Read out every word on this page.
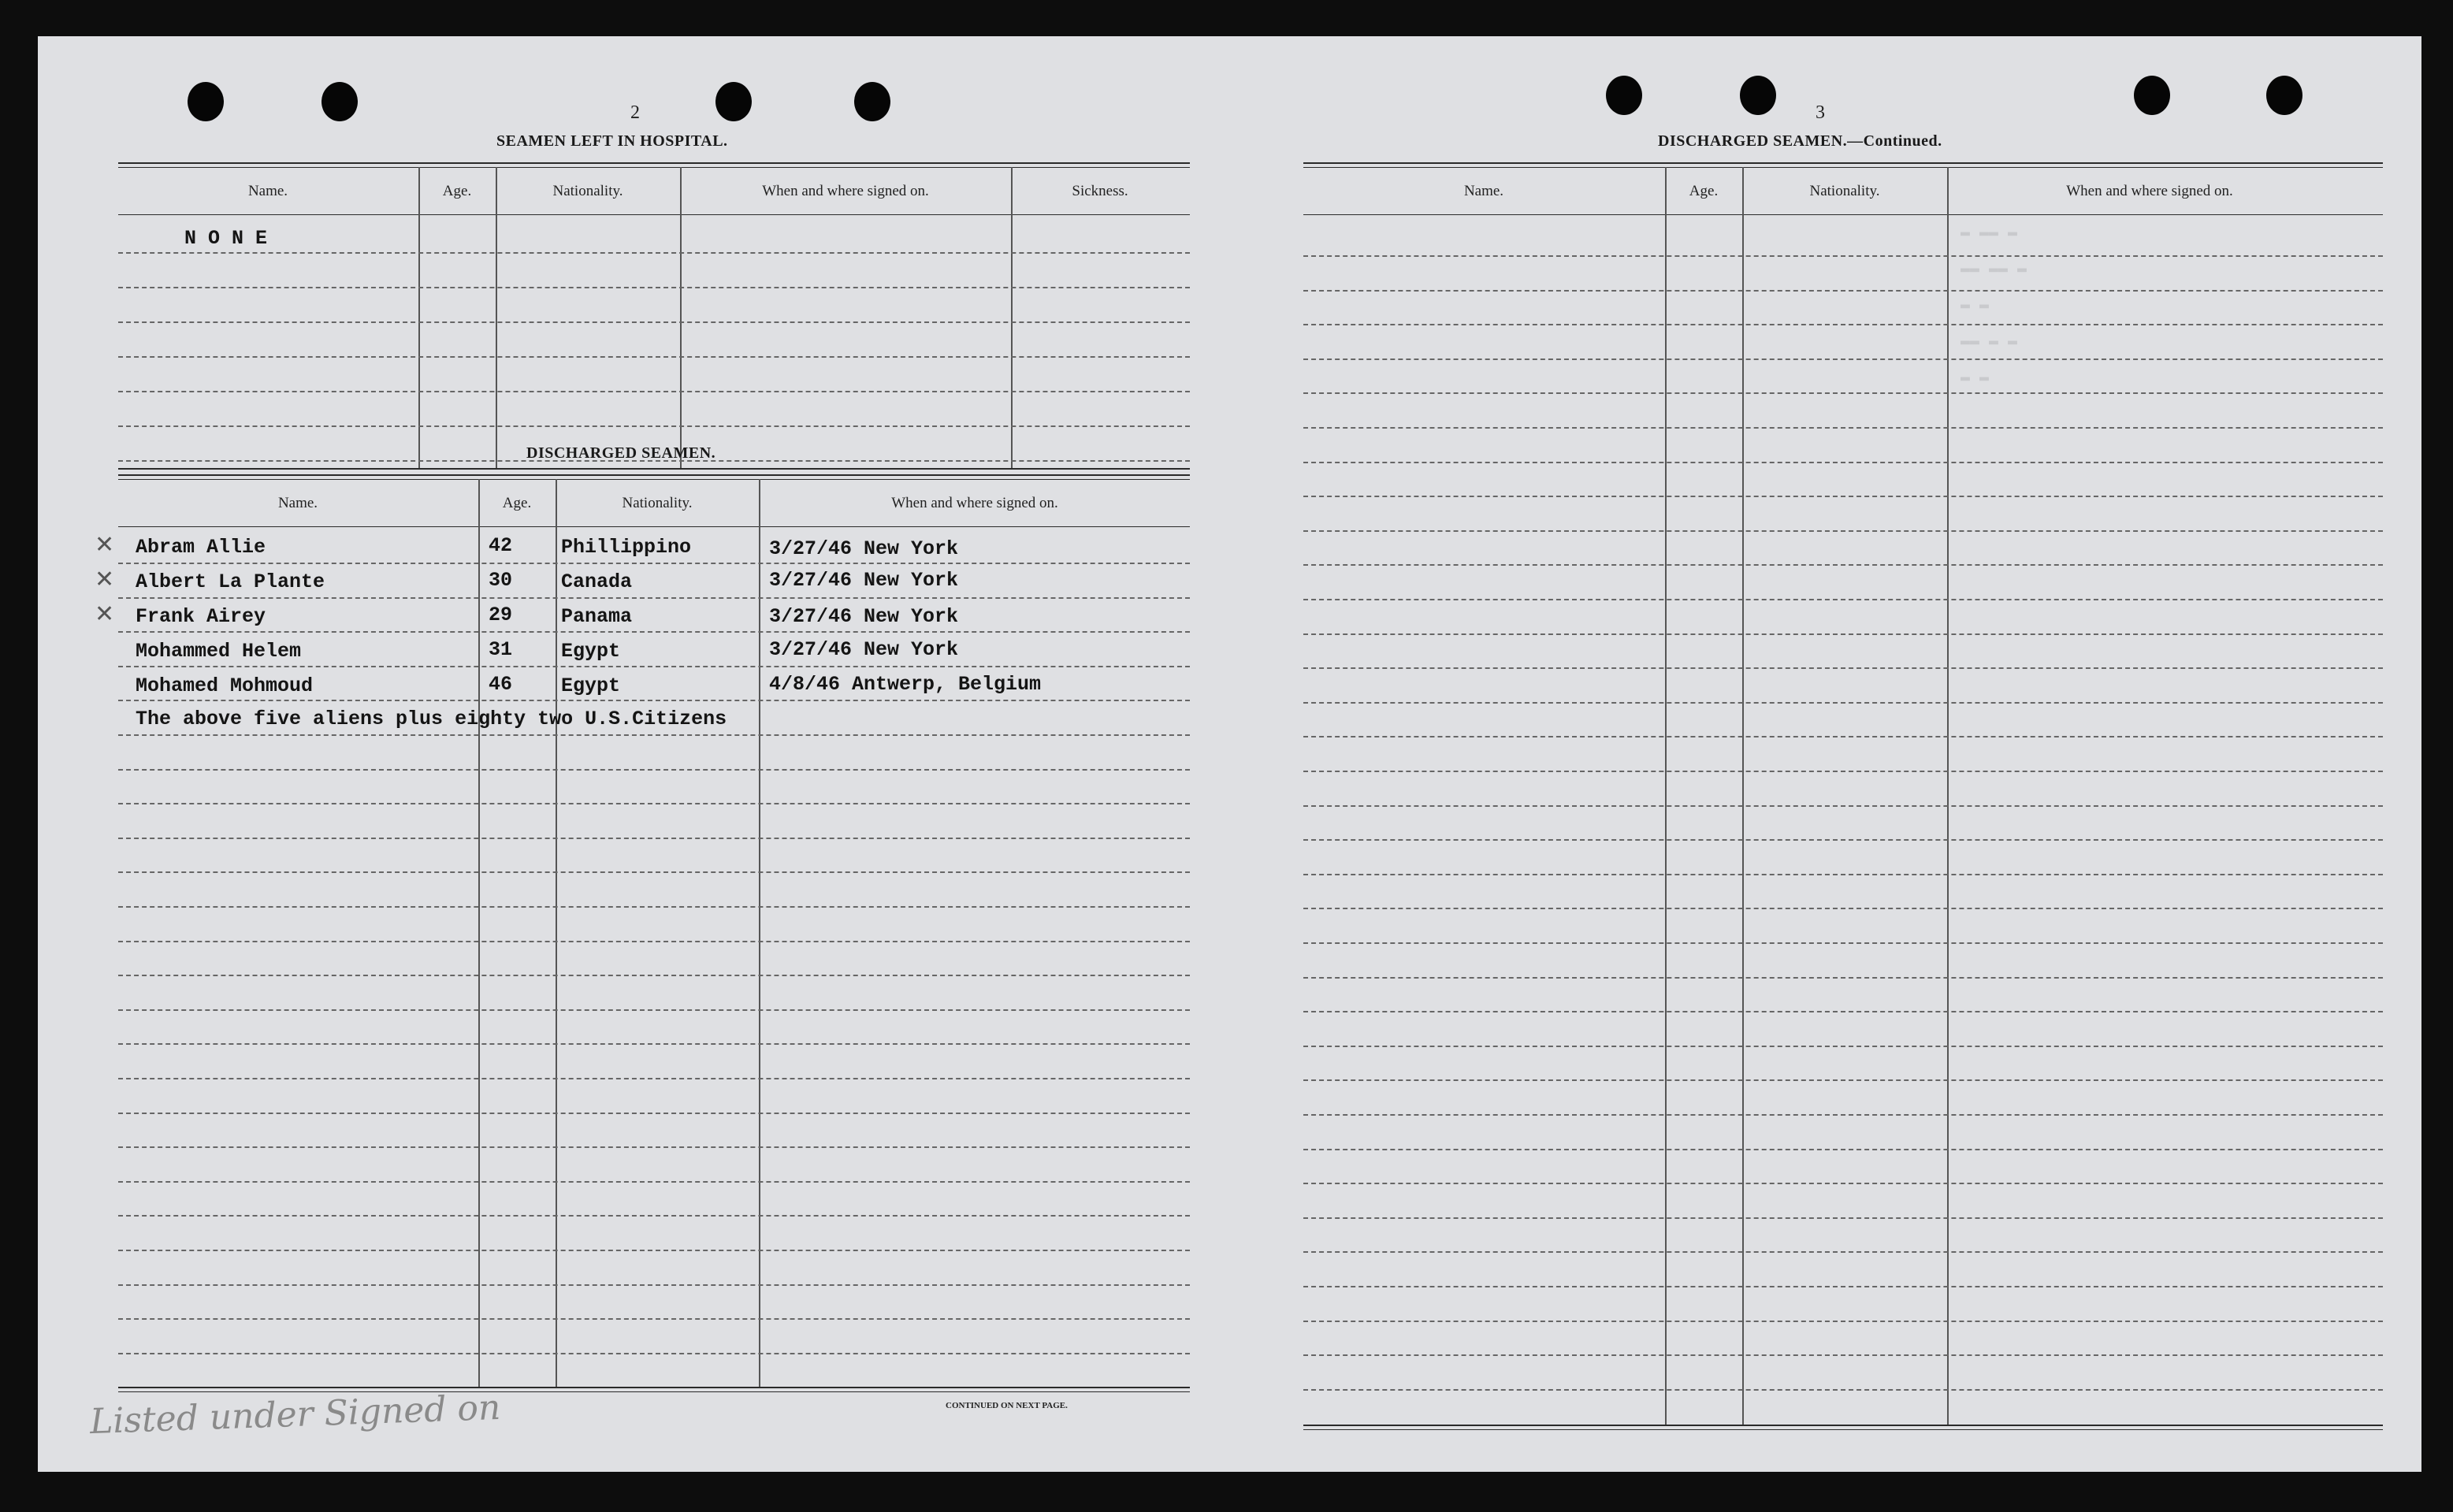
2
SEAMEN LEFT IN HOSPITAL.
Name.	Age.	Nationality.	When and where signed on.	Sickness.
N O N E
DISCHARGED SEAMEN.
Name.	Age.	Nationality.	When and where signed on.
✕ Abram Allie	42 Phillippino	3/27/46 New York
✕ Albert La Plante	30 Canada	3/27/46 New York
✕ Frank Airey	29 Panama	3/27/46 New York
Mohammed Helem	31 Egypt	3/27/46 New York
Mohamed Mohmoud	46 Egypt	4/8/46 Antwerp, Belgium
The above five aliens plus eighty two U.S.Citizens
CONTINUED ON NEXT PAGE.
Listed under Signed on
3
DISCHARGED SEAMEN.—Continued.
Name.	Age.	Nationality.	When and where signed on.
▬ ▬▬ ▬
▬▬ ▬▬ ▬
▬ ▬
▬▬ ▬ ▬
▬ ▬
